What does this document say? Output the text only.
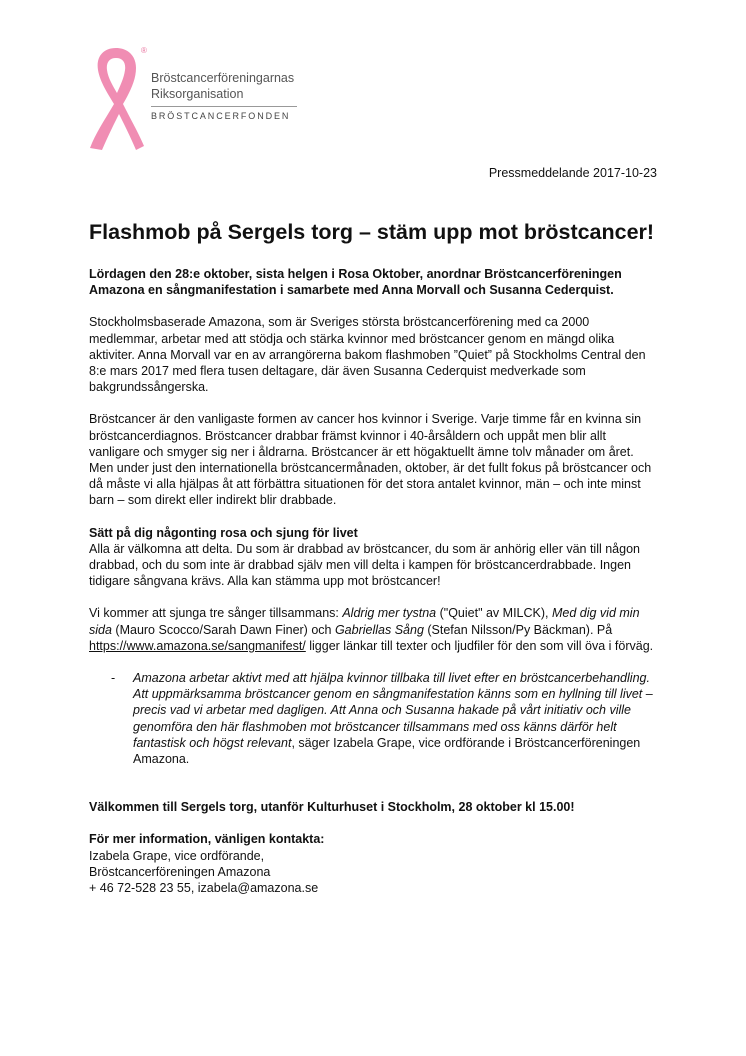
®
Bröstcancerföreningarnas
Riksorganisation
BRÖSTCANCERFONDEN
Pressmeddelande 2017-10-23
Flashmob på Sergels torg – stäm upp mot bröstcancer!

Lördagen den 28:e oktober, sista helgen i Rosa Oktober, anordnar Bröstcancerföreningen Amazona en sångmanifestation i samarbete med Anna Morvall och Susanna Cederquist.

Stockholmsbaserade Amazona, som är Sveriges största bröstcancerförening med ca 2000 medlemmar, arbetar med att stödja och stärka kvinnor med bröstcancer genom en mängd olika aktiviter. Anna Morvall var en av arrangörerna bakom flashmoben ”Quiet” på Stockholms Central den 8:e mars 2017 med flera tusen deltagare, där även Susanna Cederquist medverkade som bakgrundssångerska.

Bröstcancer är den vanligaste formen av cancer hos kvinnor i Sverige. Varje timme får en kvinna sin bröstcancerdiagnos. Bröstcancer drabbar främst kvinnor i 40-årsåldern och uppåt men blir allt vanligare och smyger sig ner i åldrarna. Bröstcancer är ett högaktuellt ämne tolv månader om året. Men under just den internationella bröstcancermånaden, oktober, är det fullt fokus på bröstcancer och då måste vi alla hjälpas åt att förbättra situationen för det stora antalet kvinnor, män – och inte minst barn – som direkt eller indirekt blir drabbade.

Sätt på dig någonting rosa och sjung för livet

Alla är välkomna att delta. Du som är drabbad av bröstcancer, du som är anhörig eller vän till någon drabbad, och du som inte är drabbad själv men vill delta i kampen för bröstcancerdrabbade. Ingen tidigare sångvana krävs. Alla kan stämma upp mot bröstcancer!

Vi kommer att sjunga tre sånger tillsammans: Aldrig mer tystna ("Quiet" av MILCK), Med dig vid min sida (Mauro Scocco/Sarah Dawn Finer) och Gabriellas Sång (Stefan Nilsson/Py Bäckman). På https://www.amazona.se/sangmanifest/ ligger länkar till texter och ljudfiler för den som vill öva i förväg.

- Amazona arbetar aktivt med att hjälpa kvinnor tillbaka till livet efter en bröstcancerbehandling. Att uppmärksamma bröstcancer genom en sångmanifestation känns som en hyllning till livet – precis vad vi arbetar med dagligen. Att Anna och Susanna hakade på vårt initiativ och ville genomföra den här flashmoben mot bröstcancer tillsammans med oss känns därför helt fantastisk och högst relevant, säger Izabela Grape, vice ordförande i Bröstcancerföreningen Amazona.

Välkommen till Sergels torg, utanför Kulturhuset i Stockholm, 28 oktober kl 15.00!

För mer information, vänligen kontakta:
Izabela Grape, vice ordförande,
Bröstcancerföreningen Amazona
+ 46 72-528 23 55, izabela@amazona.se
